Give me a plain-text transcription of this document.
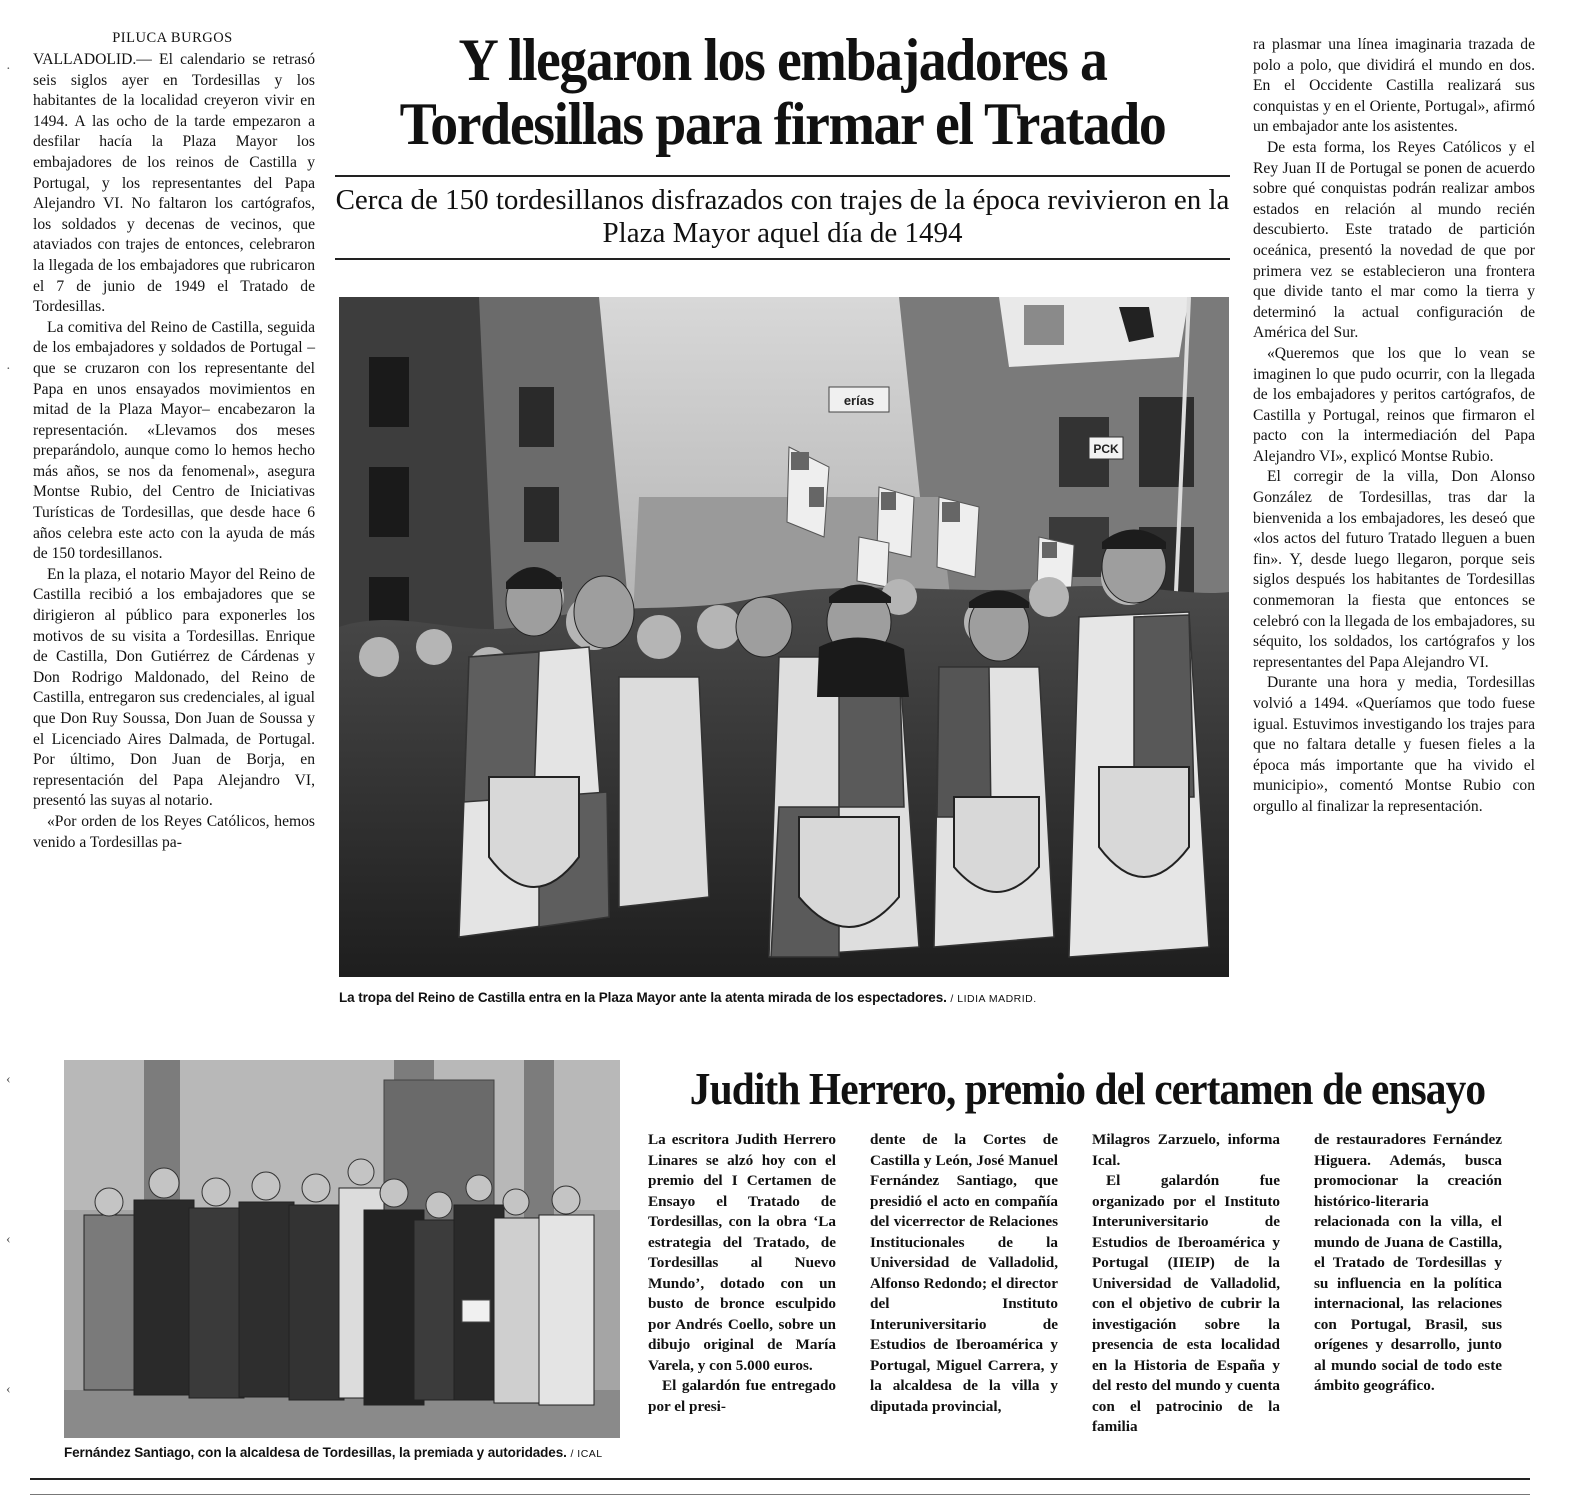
PILUCA BURGOS

VALLADOLID.— El calendario se retrasó seis siglos ayer en Tordesillas y los habitantes de la localidad creyeron vivir en 1494. A las ocho de la tarde empezaron a desfilar hacía la Plaza Mayor los embajadores de los reinos de Castilla y Portugal, y los representantes del Papa Alejandro VI. No faltaron los cartógrafos, los soldados y decenas de vecinos, que ataviados con trajes de entonces, celebraron la llegada de los embajadores que rubricaron el 7 de junio de 1949 el Tratado de Tordesillas.

La comitiva del Reino de Castilla, seguida de los embajadores y soldados de Portugal –que se cruzaron con los representante del Papa en unos ensayados movimientos en mitad de la Plaza Mayor– encabezaron la representación. «Llevamos dos meses preparándolo, aunque como lo hemos hecho más años, se nos da fenomenal», asegura Montse Rubio, del Centro de Iniciativas Turísticas de Tordesillas, que desde hace 6 años celebra este acto con la ayuda de más de 150 tordesillanos.

En la plaza, el notario Mayor del Reino de Castilla recibió a los embajadores que se dirigieron al público para exponerles los motivos de su visita a Tordesillas. Enrique de Castilla, Don Gutiérrez de Cárdenas y Don Rodrigo Maldonado, del Reino de Castilla, entregaron sus credenciales, al igual que Don Ruy Soussa, Don Juan de Soussa y el Licenciado Aires Dalmada, de Portugal. Por último, Don Juan de Borja, en representación del Papa Alejandro VI, presentó las suyas al notario.

«Por orden de los Reyes Católicos, hemos venido a Tordesillas pa-

Y llegaron los embajadores a Tordesillas para firmar el Tratado
Cerca de 150 tordesillanos disfrazados con trajes de la época revivieron en la Plaza Mayor aquel día de 1494
erías
PCK
La tropa del Reino de Castilla entra en la Plaza Mayor ante la atenta mirada de los espectadores. / LIDIA MADRID.

ra plasmar una línea imaginaria trazada de polo a polo, que dividirá el mundo en dos. En el Occidente Castilla realizará sus conquistas y en el Oriente, Portugal», afirmó un embajador ante los asistentes.

De esta forma, los Reyes Católicos y el Rey Juan II de Portugal se ponen de acuerdo sobre qué conquistas podrán realizar ambos estados en relación al mundo recién descubierto. Este tratado de partición oceánica, presentó la novedad de que por primera vez se establecieron una frontera que divide tanto el mar como la tierra y determinó la actual configuración de América del Sur.

«Queremos que los que lo vean se imaginen lo que pudo ocurrir, con la llegada de los embajadores y peritos cartógrafos, de Castilla y Portugal, reinos que firmaron el pacto con la intermediación del Papa Alejandro VI», explicó Montse Rubio.

El corregir de la villa, Don Alonso González de Tordesillas, tras dar la bienvenida a los embajadores, les deseó que «los actos del futuro Tratado lleguen a buen fin». Y, desde luego llegaron, porque seis siglos después los habitantes de Tordesillas conmemoran la fiesta que entonces se celebró con la llegada de los embajadores, su séquito, los soldados, los cartógrafos y los representantes del Papa Alejandro VI.

Durante una hora y media, Tordesillas volvió a 1494. «Queríamos que todo fuese igual. Estuvimos investigando los trajes para que no faltara detalle y fuesen fieles a la época más importante que ha vivido el municipio», comentó Montse Rubio con orgullo al finalizar la representación.

·
·
‹
‹
‹
Fernández Santiago, con la alcaldesa de Tordesillas, la premiada y autoridades. / ICAL
Judith Herrero, premio del certamen de ensayo

La escritora Judith Herrero Linares se alzó hoy con el premio del I Certamen de Ensayo el Tratado de Tordesillas, con la obra ‘La estrategia del Tratado, de Tordesillas al Nuevo Mundo’, dotado con un busto de bronce esculpido por Andrés Coello, sobre un dibujo original de María Varela, y con 5.000 euros.

El galardón fue entregado por el presi-

dente de la Cortes de Castilla y León, José Manuel Fernández Santiago, que presidió el acto en compañía del vicerrector de Relaciones Institucionales de la Universidad de Valladolid, Alfonso Redondo; el director del Instituto Interuniversitario de Estudios de Iberoamérica y Portugal, Miguel Carrera, y la alcaldesa de la villa y diputada provincial,

Milagros Zarzuelo, informa Ical.

El galardón fue organizado por el Instituto Interuniversitario de Estudios de Iberoamérica y Portugal (IIEIP) de la Universidad de Valladolid, con el objetivo de cubrir la investigación sobre la presencia de esta localidad en la Historia de España y del resto del mundo y cuenta con el patrocinio de la familia

de restauradores Fernández Higuera. Además, busca promocionar la creación histórico-literaria relacionada con la villa, el mundo de Juana de Castilla, el Tratado de Tordesillas y su influencia en la política internacional, las relaciones con Portugal, Brasil, sus orígenes y desarrollo, junto al mundo social de todo este ámbito geográfico.
